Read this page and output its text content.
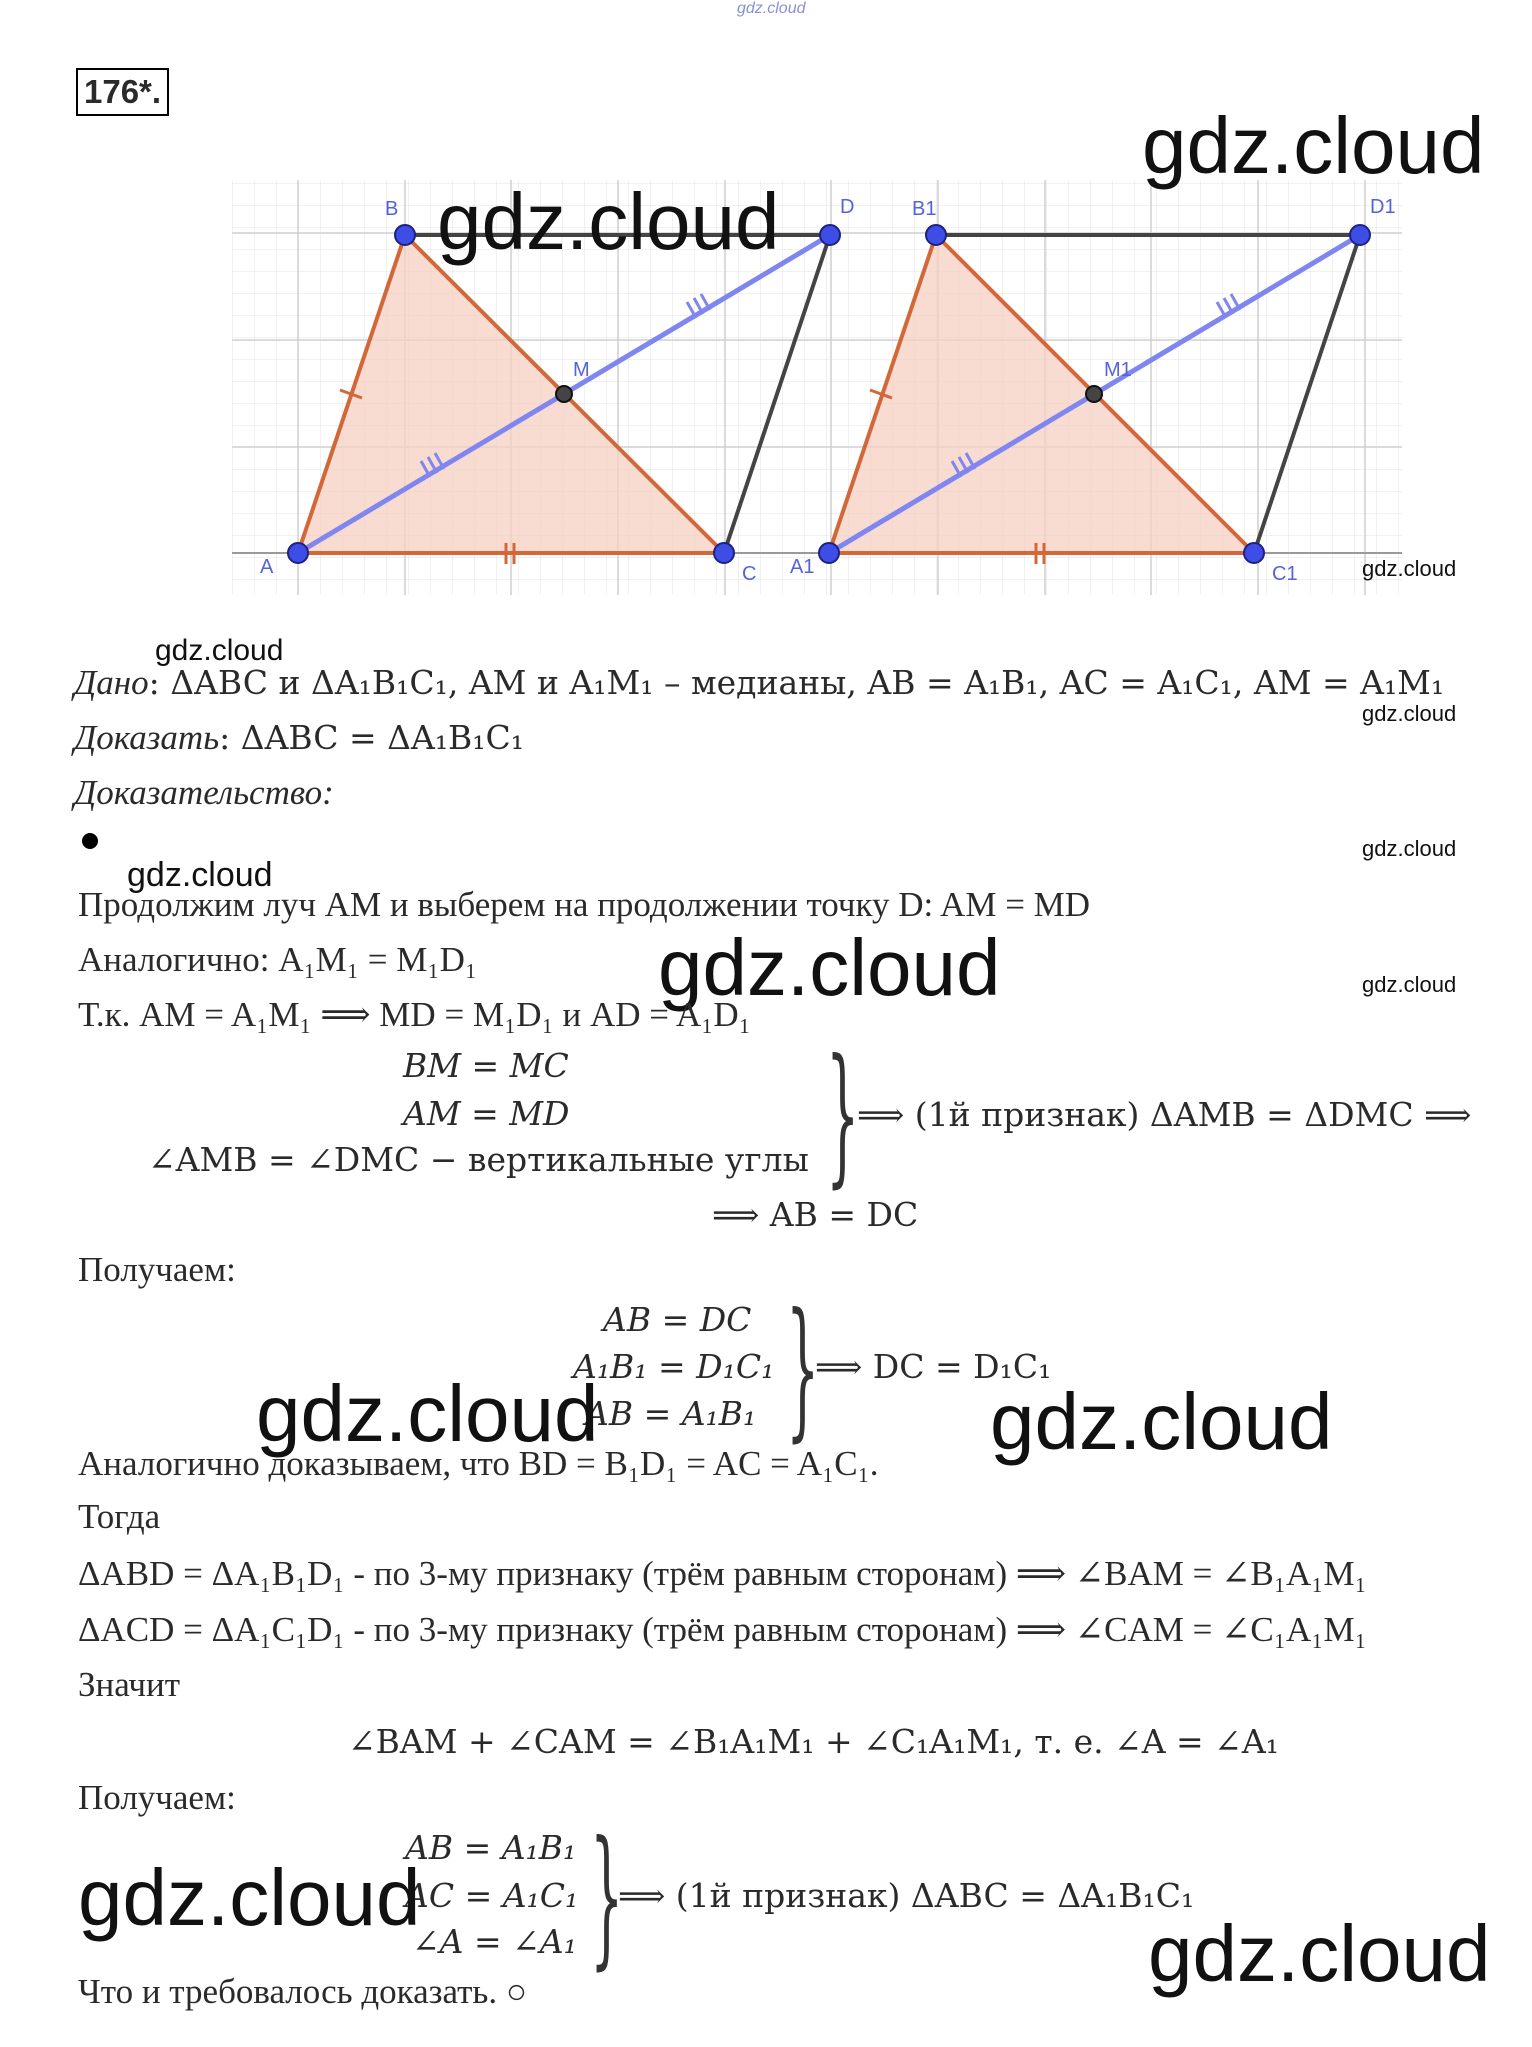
gdz.cloud
176*.
B	D
M
A	C
B1	D1
M1
A1	C1
gdz.cloud
gdz.cloud
gdz.cloud
gdz.cloud
Дано: ΔABC и ΔA₁B₁C₁, AM и A₁M₁ – медианы, AB = A₁B₁, AC = A₁C₁, AM = A₁M₁
gdz.cloud
Доказать: ΔABC = ΔA₁B₁C₁
Доказательство:
gdz.cloud
gdz.cloud
Продолжим луч AM и выберем на продолжении точку D: AM = MD
Аналогично: A₁M₁ = M₁D₁ gdz.cloud	gdz.cloud
Т.к. AM = A₁M₁ ⟹ MD = M₁D₁ и AD = A₁D₁
BM = MC
AM = MD
∠AMB = ∠DMC − вертикальные углы }
⟹ (1й признак) ΔAMB = ΔDMC ⟹
⟹ AB = DC
Получаем:
AB = DC
A₁B₁ = D₁C₁
AB = A₁B₁ }
⟹ DC = D₁C₁
gdz.cloud	gdz.cloud
Аналогично доказываем, что BD = B₁D₁ = AC = A₁C₁.
Тогда
ΔABD = ΔA₁B₁D₁ - по 3-му признаку (трём равным сторонам) ⟹ ∠BAM = ∠B₁A₁M₁
ΔACD = ΔA₁C₁D₁ - по 3-му признаку (трём равным сторонам) ⟹ ∠CAM = ∠C₁A₁M₁
Значит
∠BAM + ∠CAM = ∠B₁A₁M₁ + ∠C₁A₁M₁, т. е. ∠A = ∠A₁
Получаем:
AB = A₁B₁
AC = A₁C₁
∠A = ∠A₁ }
⟹ (1й признак) ΔABC = ΔA₁B₁C₁
gdz.cloud
gdz.cloud
Что и требовалось доказать. ○
